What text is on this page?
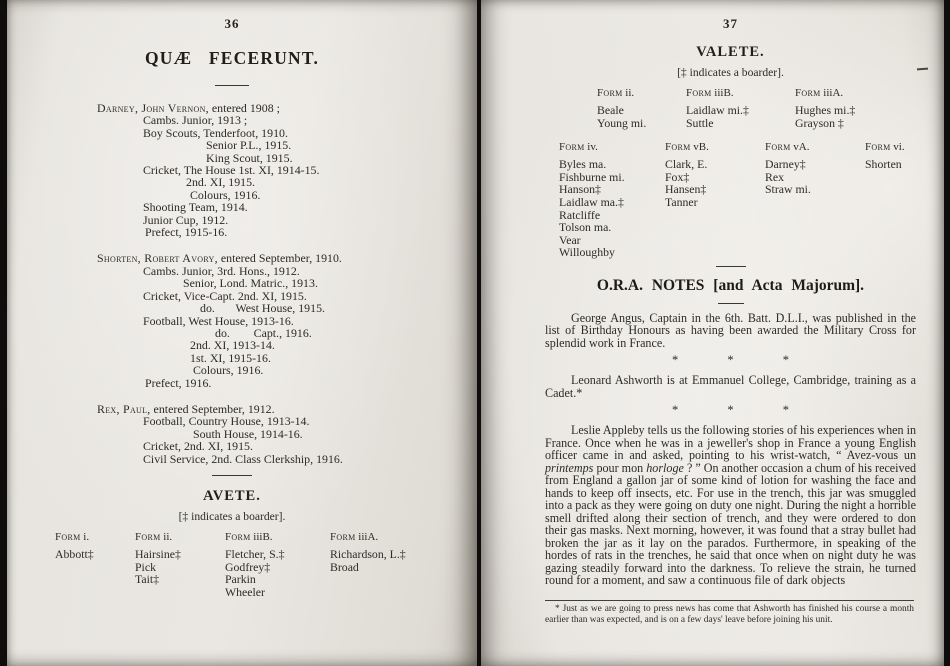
36
QUÆ FECERUNT.
Darney, John Vernon, entered 1908 ;
Cambs. Junior, 1913 ;
Boy Scouts, Tenderfoot, 1910.
Senior P.L., 1915.
King Scout, 1915.
Cricket, The House 1st. XI, 1914-15.
2nd. XI, 1915.
Colours, 1916.
Shooting Team, 1914.
Junior Cup, 1912.
Prefect, 1915-16.
Shorten, Robert Avory, entered September, 1910.
Cambs. Junior, 3rd. Hons., 1912.
Senior, Lond. Matric., 1913.
Cricket, Vice-Capt. 2nd. XI, 1915.
do.       West House, 1915.
Football, West House, 1913-16.
do.        Capt., 1916.
2nd. XI, 1913-14.
1st. XI, 1915-16.
Colours, 1916.
Prefect, 1916.
Rex, Paul, entered September, 1912.
Football, Country House, 1913-14.
South House, 1914-16.
Cricket, 2nd. XI, 1915.
Civil Service, 2nd. Class Clerkship, 1916.
AVETE.
[‡ indicates a boarder].
Form i.
Abbott‡
Form ii.
Hairsine‡
Pick
Tait‡
Form iiiB.
Fletcher, S.‡
Godfrey‡
Parkin
Wheeler
Form iiiA.
Richardson, L.‡
Broad
37
VALETE.
[‡ indicates a boarder].
Form ii.
Beale
Young mi.
Form iiiB.
Laidlaw mi.‡
Suttle
Form iiiA.
Hughes mi.‡
Grayson ‡
Form iv.
Byles ma.
Fishburne mi.
Hanson‡
Laidlaw ma.‡
Ratcliffe
Tolson ma.
Vear
Willoughby
Form vB.
Clark, E.
Fox‡
Hansen‡
Tanner
Form vA.
Darney‡
Rex
Straw mi.
Form vi.
Shorten
O.R.A. NOTES [and Acta Majorum].

George Angus, Captain in the 6th. Batt. D.L.I., was published in the list of Birthday Honours as having been awarded the Military Cross for splendid work in France.

* * *

Leonard Ashworth is at Emmanuel College, Cambridge, training as a Cadet.*

* * *

Leslie Appleby tells us the following stories of his experiences when in France. Once when he was in a jeweller's shop in France a young English officer came in and asked, pointing to his wrist-watch, “ Avez-vous un printemps pour mon horloge ? ” On another occasion a chum of his received from England a gallon jar of some kind of lotion for washing the face and hands to keep off insects, etc. For use in the trench, this jar was smuggled into a pack as they were going on duty one night. During the night a horrible smell drifted along their section of trench, and they were ordered to don their gas masks. Next morning, however, it was found that a stray bullet had broken the jar as it lay on the parados. Furthermore, in speaking of the hordes of rats in the trenches, he said that once when on night duty he was gazing steadily forward into the darkness. To relieve the strain, he turned round for a moment, and saw a continuous file of dark objects

* Just as we are going to press news has come that Ashworth has finished his course a month earlier than was expected, and is on a few days' leave before joining his unit.
